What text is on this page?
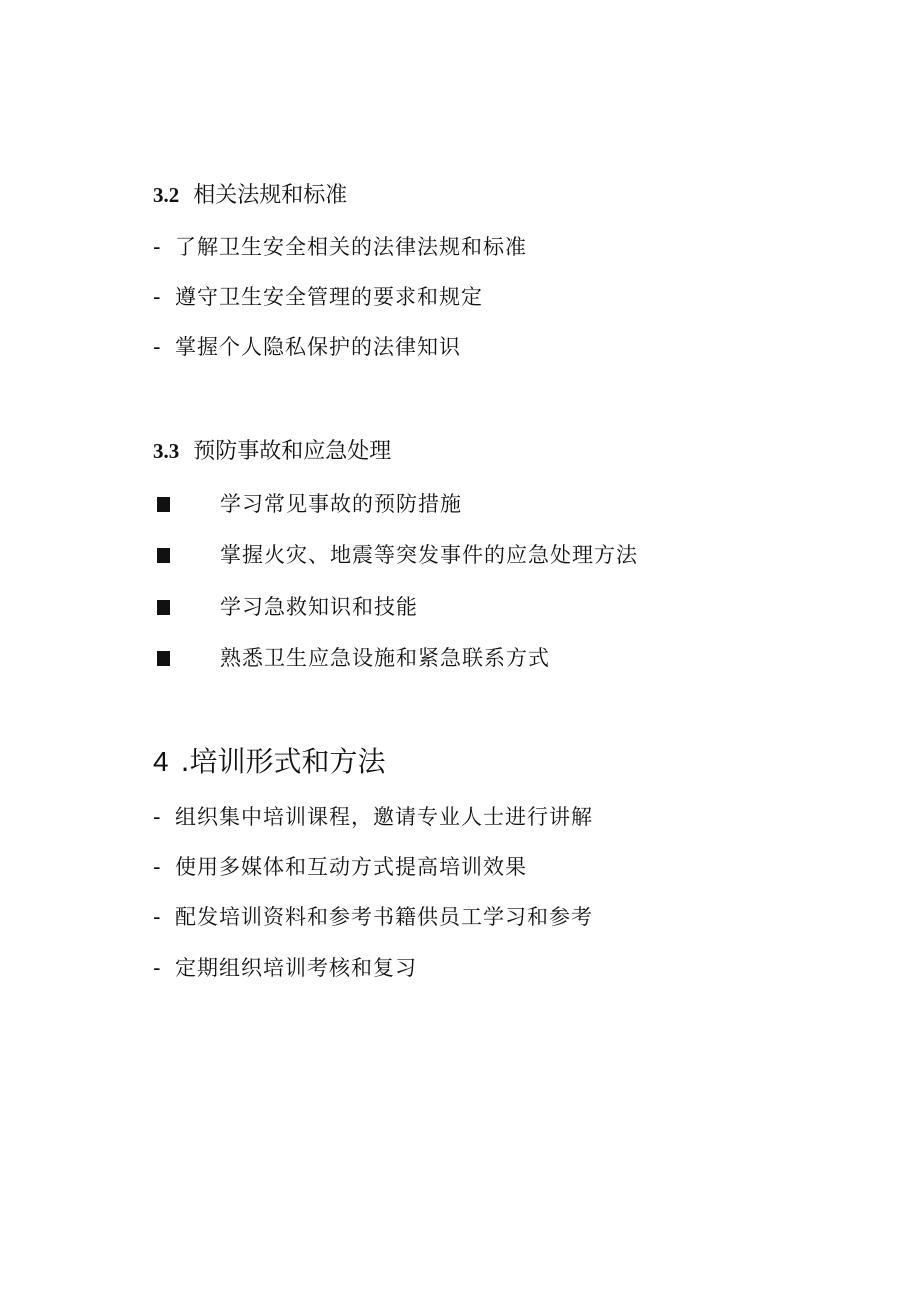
3.2 相关法规和标准
- 了解卫生安全相关的法律法规和标准
- 遵守卫生安全管理的要求和规定
- 掌握个人隐私保护的法律知识
3.3 预防事故和应急处理
学习常见事故的预防措施
掌握火灾、地震等突发事件的应急处理方法
学习急救知识和技能
熟悉卫生应急设施和紧急联系方式
4 .培训形式和方法
- 组织集中培训课程，邀请专业人士进行讲解
- 使用多媒体和互动方式提高培训效果
- 配发培训资料和参考书籍供员工学习和参考
- 定期组织培训考核和复习
